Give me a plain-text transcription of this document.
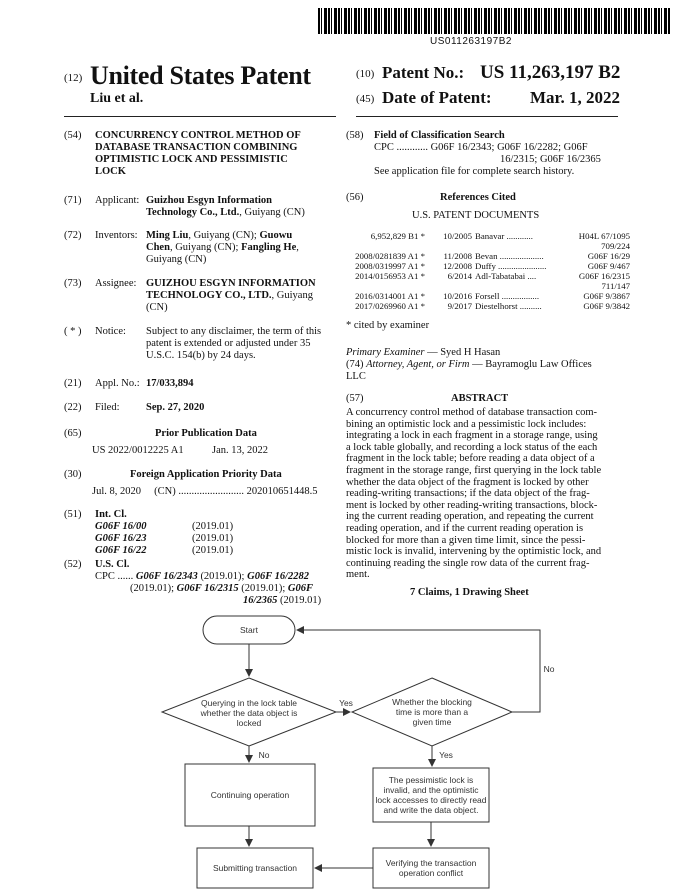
US011263197B2
(12) United States Patent
Liu et al.
(10) Patent No.: US 11,263,197 B2
(45) Date of Patent: Mar. 1, 2022
(54) CONCURRENCY CONTROL METHOD OF
DATABASE TRANSACTION COMBINING
OPTIMISTIC LOCK AND PESSIMISTIC
LOCK
(71) Applicant: Guizhou Esgyn Information
Technology Co., Ltd., Guiyang (CN)
(72) Inventors: Ming Liu, Guiyang (CN); Guowu
Chen, Guiyang (CN); Fangling He,
Guiyang (CN)
(73) Assignee: GUIZHOU ESGYN INFORMATION
TECHNOLOGY CO., LTD., Guiyang
(CN)
( * ) Notice: Subject to any disclaimer, the term of this
patent is extended or adjusted under 35
U.S.C. 154(b) by 24 days.
(21) Appl. No.: 17/033,894
(22) Filed:	Sep. 27, 2020
(65)	Prior Publication Data
US 2022/0012225 A1	Jan. 13, 2022
(30)	Foreign Application Priority Data
Jul. 8, 2020     (CN) ......................... 202010651448.5
(51) Int. Cl.
G06F 16/00	(2019.01)
G06F 16/23	(2019.01)
G06F 16/22	(2019.01)
(52) U.S. Cl.
CPC ...... G06F 16/2343 (2019.01); G06F 16/2282
(2019.01); G06F 16/2315 (2019.01); G06F
16/2365 (2019.01)
(58) Field of Classification Search
CPC ............ G06F 16/2343; G06F 16/2282; G06F
16/2315; G06F 16/2365
See application file for complete search history.
(56)	References Cited
U.S. PATENT DOCUMENTS
6,952,829 B1 *	10/2005	Banavar ............	H04L 67/1095
709/224			
2008/0281839 A1 *	11/2008	Bevan ....................	G06F 16/29
2008/0319997 A1 *	12/2008	Duffy ......................	G06F 9/467
2014/0156953 A1 *	6/2014	Adl-Tabatabai ....	G06F 16/2315
711/147			
2016/0314001 A1 *	10/2016	Forsell .................	G06F 9/3867
2017/0269960 A1 *	9/2017	Diestelhorst ..........	G06F 9/3842
* cited by examiner
Primary Examiner — Syed H Hasan
(74) Attorney, Agent, or Firm — Bayramoglu Law Offices
LLC
(57)	ABSTRACT
A concurrency control method of database transaction com-
bining an optimistic lock and a pessimistic lock includes:
integrating a lock in each fragment in a storage range, using
a lock table globally, and recording a lock status of the each
fragment in the lock table; before reading a data object of a
fragment in the storage range, first querying in the lock table
whether the data object of the fragment is locked by other
reading-writing transactions; if the data object of the frag-
ment is locked by other reading-writing transactions, block-
ing the current reading operation, and repeating the current
reading operation, and if the current reading operation is
blocked for more than a given time limit, since the pessi-
mistic lock is invalid, intervening by the optimistic lock, and
continuing reading the single row data of the current frag-
ment.
7 Claims, 1 Drawing Sheet
Start
Querying in the lock table
whether the data object is
locked
Whether the blocking
time is more than a
given time
Yes
No
No
Yes
Continuing operation
The pessimistic lock is
invalid, and the optimistic
lock accesses to directly read
and write the data object.
Submitting transaction	Verifying the transaction
operation conflict
